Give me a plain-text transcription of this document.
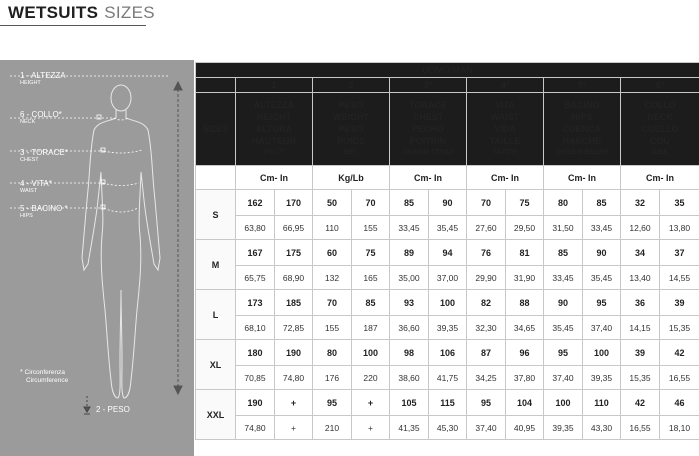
WETSUITS SIZES
1 - ALTEZZA
HEIGHT
6 - COLLO*
NECK
3 - TORACE*
CHEST
4 - VITA*
WAIST
5 - BACINO *
HIPS
* Circonferenza
Circumference
2 - PESO
UOMO/MAN												
	1		2		3*		4*		5*		6*	
SIZES	ALTEZZA
HEIGHT
ALTURA
HAUTEUR
РОСТ		PESO
WEIGHT
PESO
POIDS
ВЕС		TORACE
CHEST
PECHO
POITRIN
ОБЪЕМ ГРУДИ		VITA
WAIST
VIDA
TAILLE
ТАЛИЯ		BACINO
HIPS
CUENCA
HANCHE
ОБЪЕМ БЕДЕР		COLLO
NECK
CUELLO
COU
ШЕЕ	

	Cm- In		Kg/Lb		Cm- In		Cm- In		Cm- In		Cm- In	
S	162	170	50	70	85	90	70	75	80	85	32	35
	63,80	66,95	110	155	33,45	35,45	27,60	29,50	31,50	33,45	12,60	13,80
M	167	175	60	75	89	94	76	81	85	90	34	37
	65,75	68,90	132	165	35,00	37,00	29,90	31,90	33,45	35,45	13,40	14,55
L	173	185	70	85	93	100	82	88	90	95	36	39
	68,10	72,85	155	187	36,60	39,35	32,30	34,65	35,45	37,40	14,15	15,35
XL	180	190	80	100	98	106	87	96	95	100	39	42
	70,85	74,80	176	220	38,60	41,75	34,25	37,80	37,40	39,35	15,35	16,55
XXL	190	+	95	+	105	115	95	104	100	110	42	46
	74,80	+	210	+	41,35	45,30	37,40	40,95	39,35	43,30	16,55	18,10
